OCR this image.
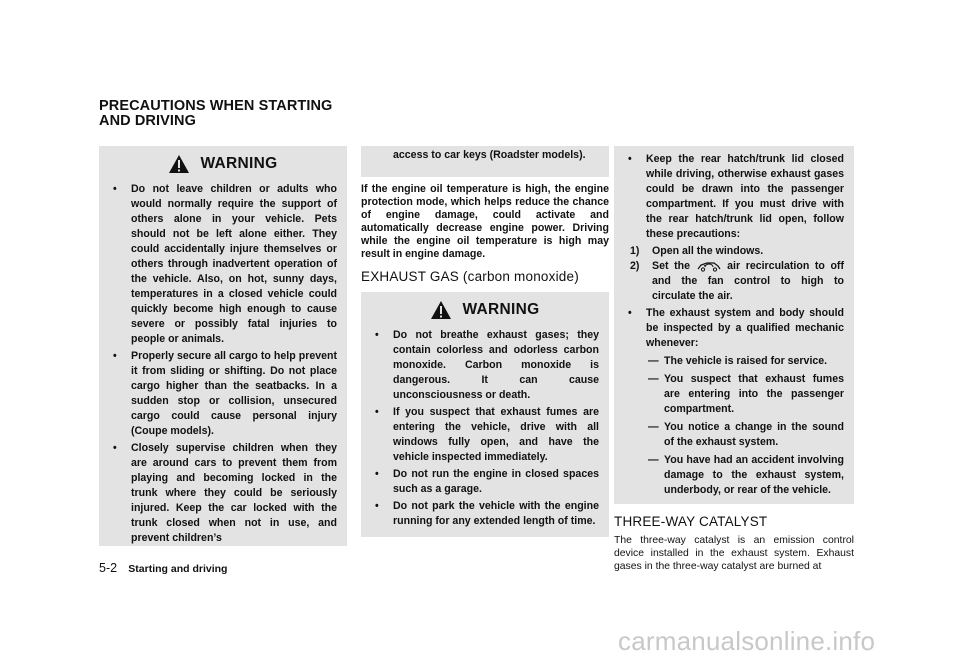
PRECAUTIONS WHEN STARTING
AND DRIVING
WARNING
• Do not leave children or adults who would normally require the support of others alone in your vehicle. Pets should not be left alone either. They could accidentally injure themselves or others through inadvertent operation of the vehicle. Also, on hot, sunny days, temperatures in a closed vehicle could quickly become high enough to cause severe or possibly fatal injuries to people or animals.
• Properly secure all cargo to help prevent it from sliding or shifting. Do not place cargo higher than the seatbacks. In a sudden stop or collision, unsecured cargo could cause personal injury (Coupe models).
• Closely supervise children when they are around cars to prevent them from playing and becoming locked in the trunk where they could be seriously injured. Keep the car locked with the trunk closed when not in use, and prevent children’s
access to car keys (Roadster models).
If the engine oil temperature is high, the engine protection mode, which helps reduce the chance of engine damage, could activate and automatically decrease engine power. Driving while the engine oil temperature is high may result in engine damage.
EXHAUST GAS (carbon monoxide)
WARNING
• Do not breathe exhaust gases; they contain colorless and odorless carbon monoxide. Carbon monoxide is dangerous. It can cause unconsciousness or death.
• If you suspect that exhaust fumes are entering the vehicle, drive with all windows fully open, and have the vehicle inspected immediately.
• Do not run the engine in closed spaces such as a garage.
• Do not park the vehicle with the engine running for any extended length of time.
• Keep the rear hatch/trunk lid closed while driving, otherwise exhaust gases could be drawn into the passenger compartment. If you must drive with the rear hatch/trunk lid open, follow these precautions:
1) Open all the windows.
2) Set the	air recirculation to off and the fan control to high to circulate the air.
• The exhaust system and body should be inspected by a qualified mechanic whenever:
— The vehicle is raised for service.
— You suspect that exhaust fumes are entering into the passenger compartment.
— You notice a change in the sound of the exhaust system.
— You have had an accident involving damage to the exhaust system, underbody, or rear of the vehicle.
THREE-WAY CATALYST
The three-way catalyst is an emission control device installed in the exhaust system. Exhaust gases in the three-way catalyst are burned at
5-2 Starting and driving
carmanualsonline.info
